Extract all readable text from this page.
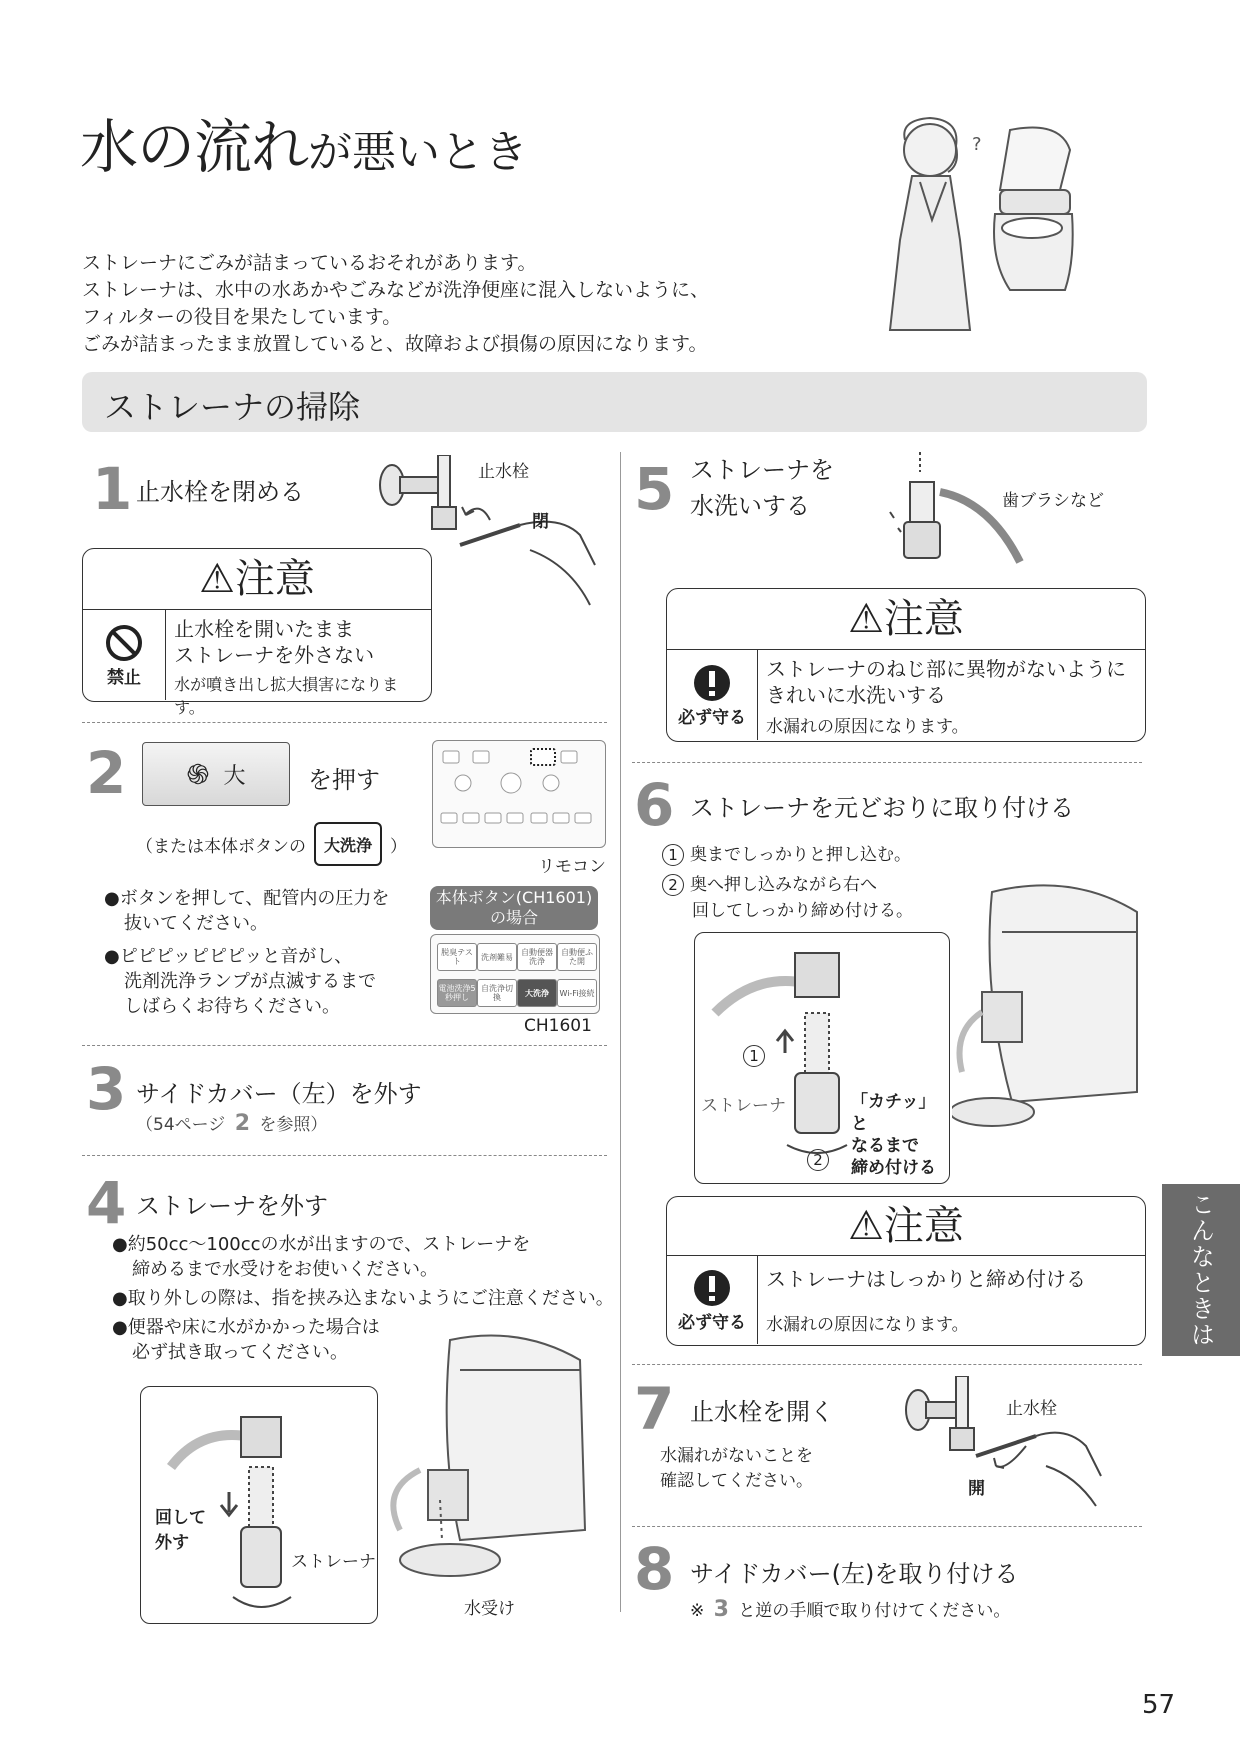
水の流れが悪いとき	?

ストレーナにごみが詰まっているおそれがあります。

ストレーナは、水中の水あかやごみなどが洗浄便座に混入しないように、

フィルターの役目を果たしています。

ごみが詰まったまま放置していると、故障および損傷の原因になります。

ストレーナの掃除
1 止水栓を閉める
止水栓
閉
⚠注意
禁止
止水栓を開いたまま
ストレーナを外さない
水が噴き出し拡大損害になります。
2 ֍ 大	を押す
（または本体ボタンの	大洗浄	）
リモコン
●ボタンを押して、配管内の圧力を
抜いてください。
●ピピピッピピピッと音がし、
洗剤洗浄ランプが点滅するまで
しばらくお待ちください。
本体ボタン(CH1601)
の場合
脱臭テスト	洗剤難易	自動便器洗浄
自動便ふた開
電池洗浄5秒押し
自洗浄切換	大洗浄	Wi-Fi接続
CH1601
3 サイドカバー（左）を外す
（54ページ 2 を参照）
4 ストレーナを外す
●約50cc～100ccの水が出ますので、ストレーナを
締めるまで水受けをお使いください。
●取り外しの際は、指を挟み込まないようにご注意ください。
●便器や床に水がかかった場合は
必ず拭き取ってください。
回して
外す
ストレーナ
水受け
5 ストレーナを
水洗いする	歯ブラシなど
⚠注意
必ず守る
ストレーナのねじ部に異物がないように
きれいに水洗いする
水漏れの原因になります。
6 ストレーナを元どおりに取り付ける
1 奥までしっかりと押し込む。
2 奥へ押し込みながら右へ
回してしっかり締め付ける。
1
2
ストレーナ	「カチッ」と
なるまで
締め付ける
⚠注意
必ず守る
ストレーナはしっかりと締め付ける
水漏れの原因になります。
7 止水栓を開く
水漏れがないことを
確認してください。
止水栓
開
8 サイドカバー(左)を取り付ける
※ 3 と逆の手順で取り付けてください。
こんなときは
57
